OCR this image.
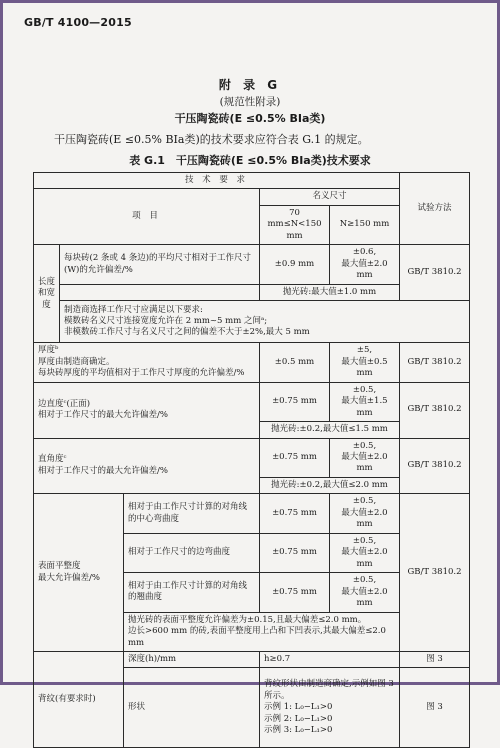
GB/T 4100—2015
附 录 G
(规范性附录)
干压陶瓷砖(E ≤0.5% BⅠa类)
干压陶瓷砖(E ≤0.5% BⅠa类)的技术要求应符合表 G.1 的规定。
表 G.1　干压陶瓷砖(E ≤0.5% BⅠa类)技术要求
技 术 要 求					试验方法
项 目			名义尺寸		
			70 mm≤N<150 mm	N≥150 mm	
长度和宽度	每块砖(2 条或 4 条边)的平均尺寸相对于工作尺寸(W)的允许偏差/%		±0.9 mm	±0.6,
最大值±2.0 mm	GB/T 3810.2
			抛光砖:最大值±1.0 mm		
	制造商选择工作尺寸应满足以下要求:
模数砖名义尺寸连接宽度允许在 2 mm~5 mm 之间ᵃ;
非模数砖工作尺寸与名义尺寸之间的偏差不大于±2%,最大 5 mm				
厚度ᵇ
厚度由制造商确定。
每块砖厚度的平均值相对于工作尺寸厚度的允许偏差/%			±0.5 mm	±5,
最大值±0.5 mm	GB/T 3810.2
边直度ᶜ(正面)
相对于工作尺寸的最大允许偏差/%			±0.75 mm	±0.5,
最大值±1.5 mm	GB/T 3810.2
			抛光砖:±0.2,最大值≤1.5 mm		
直角度ᶜ
相对于工作尺寸的最大允许偏差/%			±0.75 mm	±0.5,
最大值±2.0 mm	GB/T 3810.2
			抛光砖:±0.2,最大值≤2.0 mm		
表面平整度
最大允许偏差/%		相对于由工作尺寸计算的对角线的中心弯曲度	±0.75 mm	±0.5,
最大值±2.0 mm	GB/T 3810.2
		相对于工作尺寸的边弯曲度	±0.75 mm	±0.5,
最大值±2.0 mm	
		相对于由工作尺寸计算的对角线的翘曲度	±0.75 mm	±0.5,
最大值±2.0 mm	
		抛光砖的表面平整度允许偏差为±0.15,且最大偏差≤2.0 mm。
边长>600 mm 的砖,表面平整度用上凸和下凹表示,其最大偏差≤2.0 mm			
背纹(有要求时)		深度(h)/mm	h≥0.7		图 3
		形状	背纹形状由制造商确定,示例如图 3 所示。
示例 1: L₀−L₁>0
示例 2: L₀−L₁>0
示例 3: L₀−L₁>0		图 3
